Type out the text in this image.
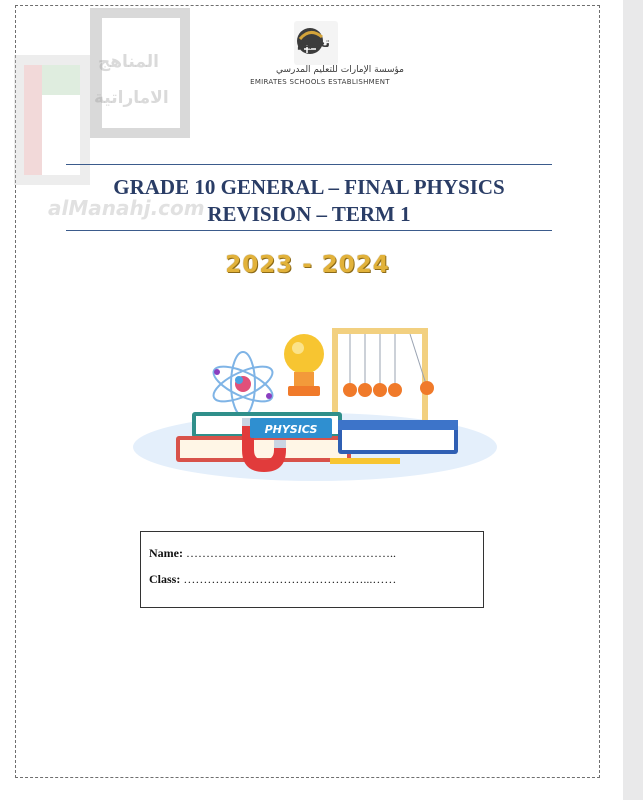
المناهج
الاماراتية
alManahj.com
تعليم
مؤسسة الإمارات للتعليم المدرسي
EMIRATES SCHOOLS ESTABLISHMENT
GRADE 10 GENERAL – FINAL PHYSICS
REVISION – TERM 1
2023 - 2024
PHYSICS
Name: ……………………………………………..
Class: ………………………………………...……
